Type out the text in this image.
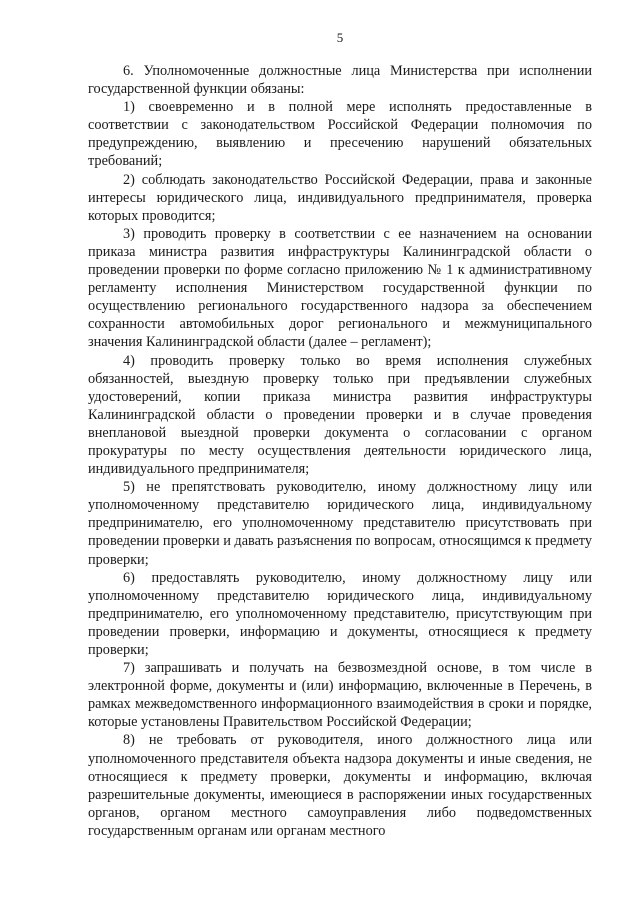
5

6. Уполномоченные должностные лица Министерства при исполнении государственной функции обязаны:

1) своевременно и в полной мере исполнять предоставленные в соответствии с законодательством Российской Федерации полномочия по предупреждению, выявлению и пресечению нарушений обязательных требований;

2) соблюдать законодательство Российской Федерации, права и законные интересы юридического лица, индивидуального предпринимателя, проверка которых проводится;

3) проводить проверку в соответствии с ее назначением на основании приказа министра развития инфраструктуры Калининградской области о проведении проверки по форме согласно приложению № 1 к административному регламенту исполнения Министерством государственной функции по осуществлению регионального государственного надзора за обеспечением сохранности автомобильных дорог регионального и межмуниципального значения Калининградской области (далее – регламент);

4) проводить проверку только во время исполнения служебных обязанностей, выездную проверку только при предъявлении служебных удостоверений, копии приказа министра развития инфраструктуры Калининградской области о проведении проверки и в случае проведения внеплановой выездной проверки документа о согласовании с органом прокуратуры по месту осуществления деятельности юридического лица, индивидуального предпринимателя;

5) не препятствовать руководителю, иному должностному лицу или уполномоченному представителю юридического лица, индивидуальному предпринимателю, его уполномоченному представителю присутствовать при проведении проверки и давать разъяснения по вопросам, относящимся к предмету проверки;

6) предоставлять руководителю, иному должностному лицу или уполномоченному представителю юридического лица, индивидуальному предпринимателю, его уполномоченному представителю, присутствующим при проведении проверки, информацию и документы, относящиеся к предмету проверки;

7) запрашивать и получать на безвозмездной основе, в том числе в электронной форме, документы и (или) информацию, включенные в Перечень, в рамках межведомственного информационного взаимодействия в сроки и порядке, которые установлены Правительством Российской Федерации;

8) не требовать от руководителя, иного должностного лица или уполномоченного представителя объекта надзора документы и иные сведения, не относящиеся к предмету проверки, документы и информацию, включая разрешительные документы, имеющиеся в распоряжении иных государственных органов, органом местного самоуправления либо подведомственных государственным органам или органам местного
